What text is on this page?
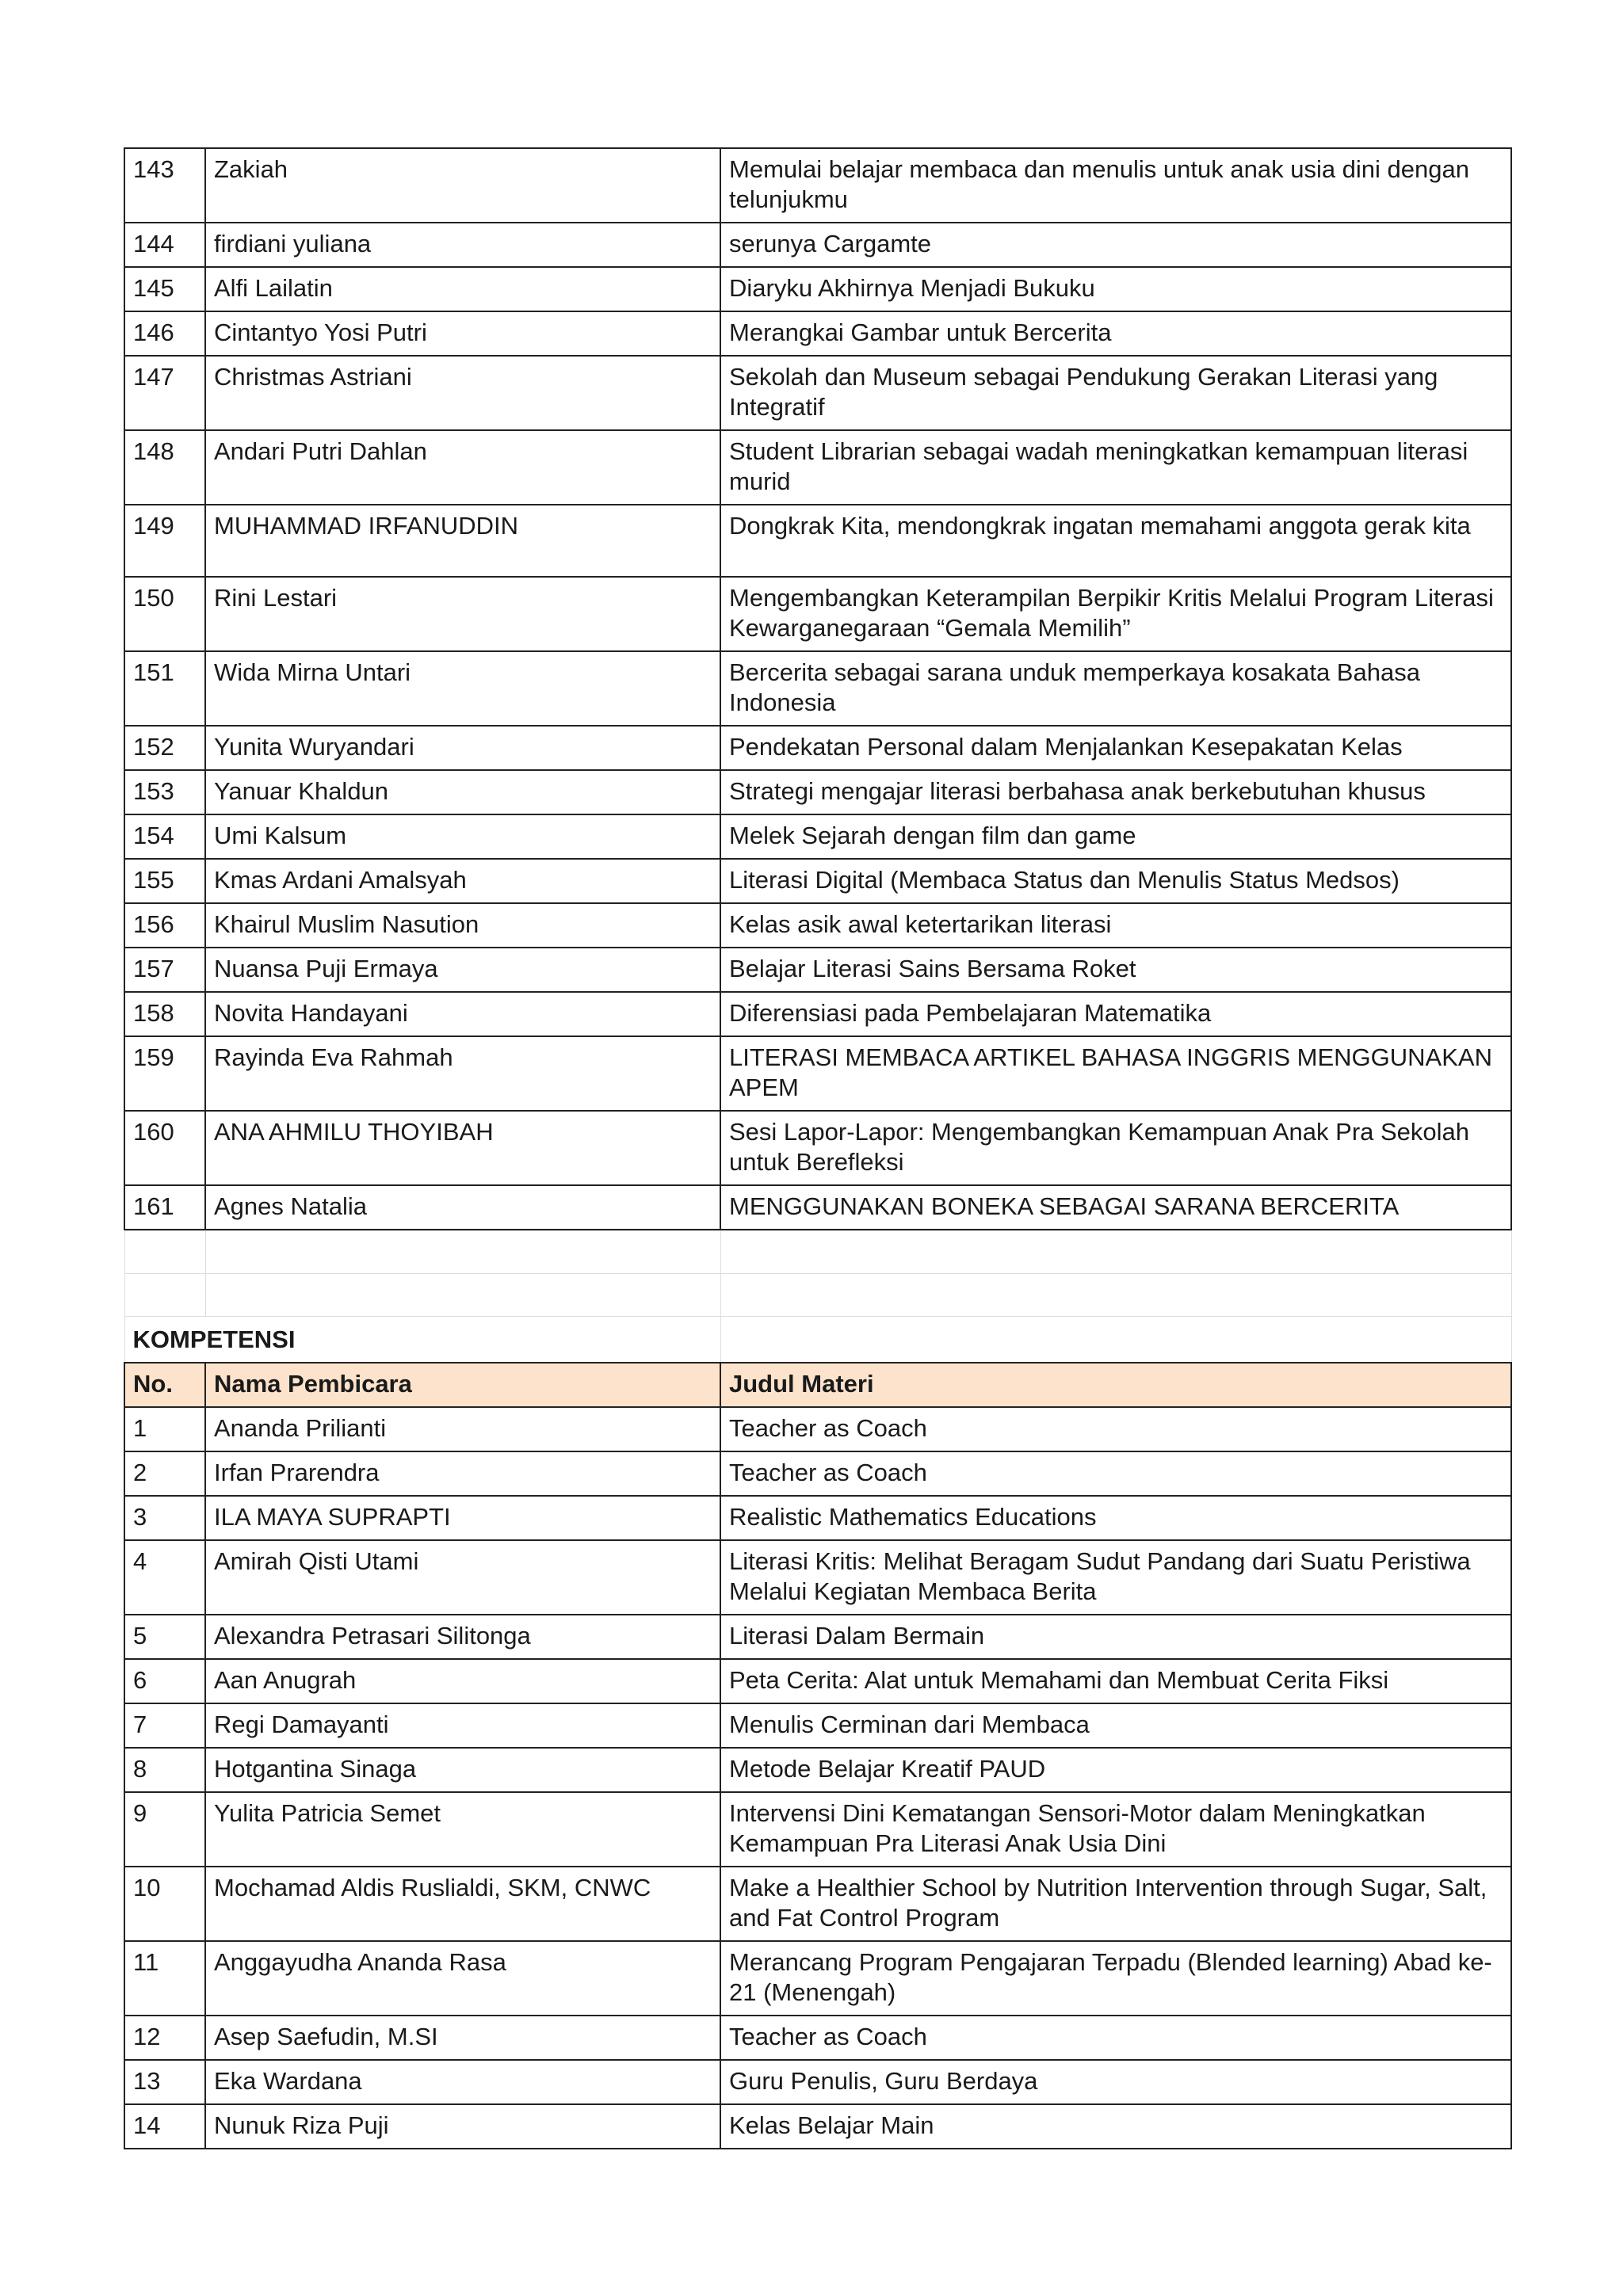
143	Zakiah	Memulai belajar membaca dan menulis untuk anak usia dini dengan telunjukmu
144	firdiani yuliana	serunya Cargamte
145	Alfi Lailatin	Diaryku Akhirnya Menjadi Bukuku
146	Cintantyo Yosi Putri	Merangkai Gambar untuk Bercerita
147	Christmas Astriani	Sekolah dan Museum sebagai Pendukung Gerakan Literasi yang Integratif
148	Andari Putri Dahlan	Student Librarian sebagai wadah meningkatkan kemampuan literasi murid
149	MUHAMMAD IRFANUDDIN	Dongkrak Kita, mendongkrak ingatan memahami anggota gerak kita
150	Rini Lestari	Mengembangkan Keterampilan Berpikir Kritis Melalui Program Literasi Kewarganegaraan “Gemala Memilih”
151	Wida Mirna Untari	Bercerita sebagai sarana unduk memperkaya kosakata Bahasa Indonesia
152	Yunita Wuryandari	Pendekatan Personal dalam Menjalankan Kesepakatan Kelas
153	Yanuar Khaldun	Strategi mengajar literasi berbahasa anak berkebutuhan khusus
154	Umi Kalsum	Melek Sejarah dengan film dan game
155	Kmas Ardani Amalsyah	Literasi Digital (Membaca Status dan Menulis Status Medsos)
156	Khairul Muslim Nasution	Kelas asik awal ketertarikan literasi
157	Nuansa Puji Ermaya	Belajar Literasi Sains Bersama Roket
158	Novita Handayani	Diferensiasi pada Pembelajaran Matematika
159	Rayinda Eva Rahmah	LITERASI MEMBACA ARTIKEL BAHASA INGGRIS MENGGUNAKAN APEM
160	ANA AHMILU THOYIBAH	Sesi Lapor-Lapor: Mengembangkan Kemampuan Anak Pra Sekolah untuk Berefleksi
161	Agnes Natalia	MENGGUNAKAN BONEKA SEBAGAI SARANA BERCERITA

KOMPETENSI		
No.	Nama Pembicara	Judul Materi
1	Ananda Prilianti	Teacher as Coach
2	Irfan Prarendra	Teacher as Coach
3	ILA MAYA SUPRAPTI	Realistic Mathematics Educations
4	Amirah Qisti Utami	Literasi Kritis: Melihat Beragam Sudut Pandang dari Suatu Peristiwa Melalui Kegiatan Membaca Berita
5	Alexandra Petrasari Silitonga	Literasi Dalam Bermain
6	Aan Anugrah	Peta Cerita: Alat untuk Memahami dan Membuat Cerita Fiksi
7	Regi Damayanti	Menulis Cerminan dari Membaca
8	Hotgantina Sinaga	Metode Belajar Kreatif PAUD
9	Yulita Patricia Semet	Intervensi Dini Kematangan Sensori-Motor dalam Meningkatkan Kemampuan Pra Literasi Anak Usia Dini
10	Mochamad Aldis Ruslialdi, SKM, CNWC	Make a Healthier School by Nutrition Intervention through Sugar, Salt, and Fat Control Program
11	Anggayudha Ananda Rasa	Merancang Program Pengajaran Terpadu (Blended learning) Abad ke-21 (Menengah)
12	Asep Saefudin, M.SI	Teacher as Coach
13	Eka Wardana	Guru Penulis, Guru Berdaya
14	Nunuk Riza Puji	Kelas Belajar Main
